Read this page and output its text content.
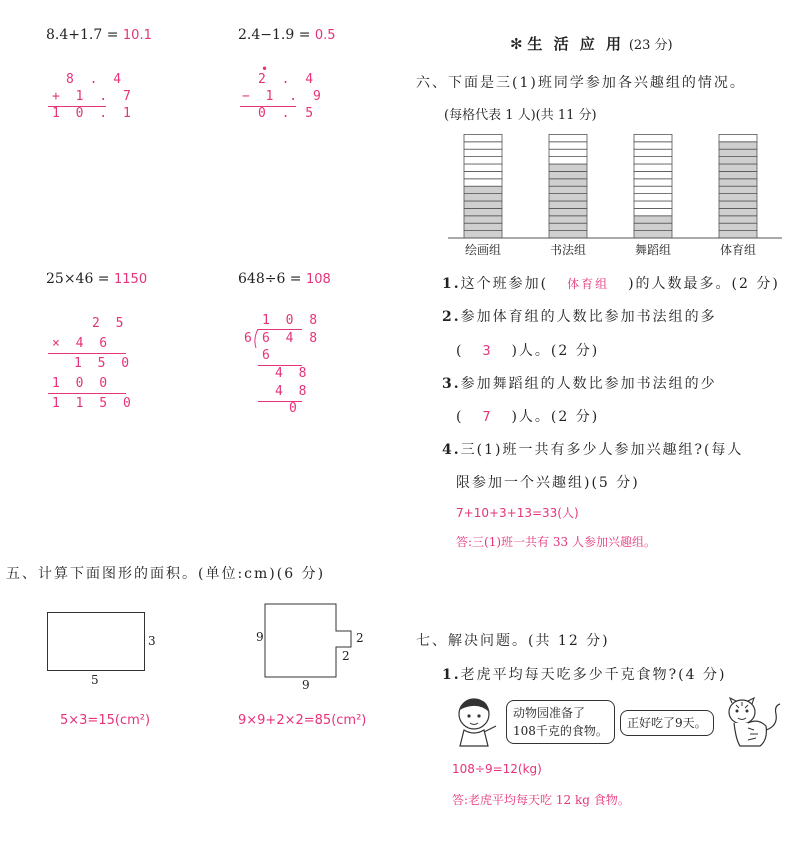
8.4+1.7 = 10.1	2.4−1.9 = 0.5
8 . 4
+ 1 . 7
1 0 . 1
•
2 . 4
− 1 . 9
0 . 5
25×46 = 1150	648÷6 = 108
2 5
× 4 6
1 5 0
1 0 0
1 1 5 0
1 0 8
6 6 4 8
6
4 8
4 8
0
五、计算下面图形的面积。(单位:cm)(6 分)
3
5
5×3=15(cm²)
9	2
2
9
9×9+2×2=85(cm²)
✻ 生 活 应 用 (23 分)
六、下面是三(1)班同学参加各兴趣组的情况。
(每格代表 1 人)(共 11 分)
绘画组	书法组	舞蹈组	体育组
1.这个班参加( 体育组 )的人数最多。(2 分)
2.参加体育组的人数比参加书法组的多
( 3 )人。(2 分)
3.参加舞蹈组的人数比参加书法组的少
( 7 )人。(2 分)
4.三(1)班一共有多少人参加兴趣组?(每人
限参加一个兴趣组)(5 分)
7+10+3+13=33(人)
答:三(1)班一共有 33 人参加兴趣组。
七、解决问题。(共 12 分)
1.老虎平均每天吃多少千克食物?(4 分)
动物园准备了
108千克的食物。
正好吃了9天。
108÷9=12(kg)
答:老虎平均每天吃 12 kg 食物。
